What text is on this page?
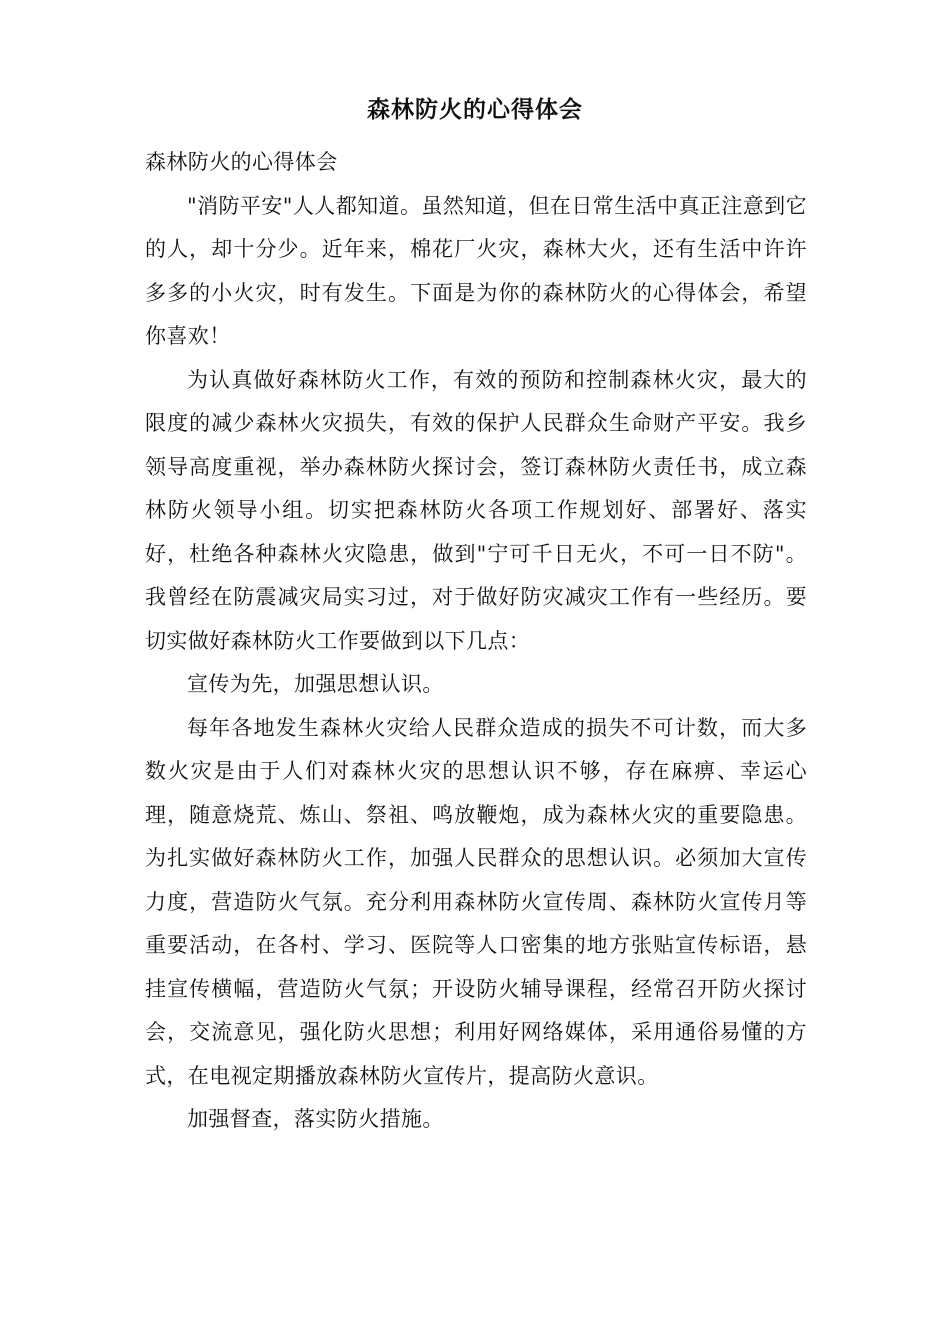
森林防火的心得体会

森林防火的心得体会

"消防平安"人人都知道。虽然知道，但在日常生活中真正注意到它的人，却十分少。近年来，棉花厂火灾，森林大火，还有生活中许许多多的小火灾，时有发生。下面是为你的森林防火的心得体会，希望你喜欢！

为认真做好森林防火工作，有效的预防和控制森林火灾，最大的限度的减少森林火灾损失，有效的保护人民群众生命财产平安。我乡领导高度重视，举办森林防火探讨会，签订森林防火责任书，成立森林防火领导小组。切实把森林防火各项工作规划好、部署好、落实好，杜绝各种森林火灾隐患，做到"宁可千日无火，不可一日不防"。我曾经在防震减灾局实习过，对于做好防灾减灾工作有一些经历。要切实做好森林防火工作要做到以下几点：

宣传为先，加强思想认识。

每年各地发生森林火灾给人民群众造成的损失不可计数，而大多数火灾是由于人们对森林火灾的思想认识不够，存在麻痹、幸运心理，随意烧荒、炼山、祭祖、鸣放鞭炮，成为森林火灾的重要隐患。为扎实做好森林防火工作，加强人民群众的思想认识。必须加大宣传力度，营造防火气氛。充分利用森林防火宣传周、森林防火宣传月等重要活动，在各村、学习、医院等人口密集的地方张贴宣传标语，悬挂宣传横幅，营造防火气氛；开设防火辅导课程，经常召开防火探讨会，交流意见，强化防火思想；利用好网络媒体，采用通俗易懂的方式，在电视定期播放森林防火宣传片，提高防火意识。

加强督查，落实防火措施。
